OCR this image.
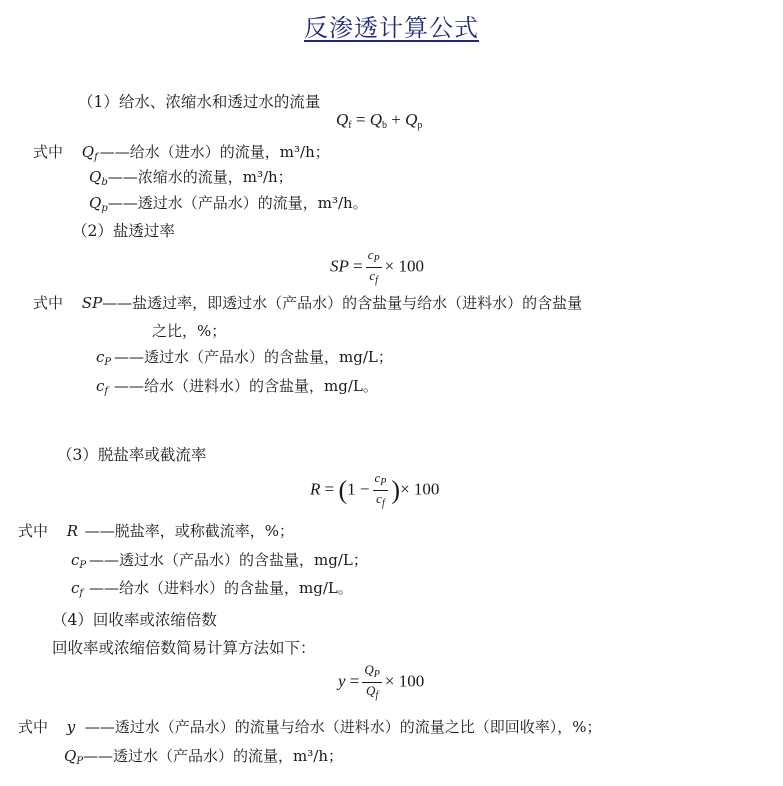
反渗透计算公式
（1）给水、浓缩水和透过水的流量
$Q_f = Q_b + Q_p$
式中 $Q_f$ ——给水（进水）的流量，m³/h；
$Q_b——$浓缩水的流量，m³/h；
$Q_p——$透过水（产品水）的流量，m³/h。
（2）盐透过率
SP = $\frac{c_P}{c_f} \times 100$
式中 SP——盐透过率，即透过水（产品水）的含盐量与给水（进料水）的含盐量
之比，%；
$c_P$ ——透过水（产品水）的含盐量，mg/L；
$c_f$ ——给水（进料水）的含盐量，mg/L。
（3）脱盐率或截流率
$R = (1 - \frac{c_P}{c_f}$ )× 100
式中 R ——脱盐率，或称截流率，%；
$c_P$ ——透过水（产品水）的含盐量，mg/L；
$c_f$ ——给水（进料水）的含盐量，mg/L。
（4）回收率或浓缩倍数
回收率或浓缩倍数简易计算方法如下：
$y = \frac{Q_P}{Q_f} \times 100$
式中 y ——透过水（产品水）的流量与给水（进料水）的流量之比（即回收率），%；
$Q_P——$透过水（产品水）的流量，m³/h；
